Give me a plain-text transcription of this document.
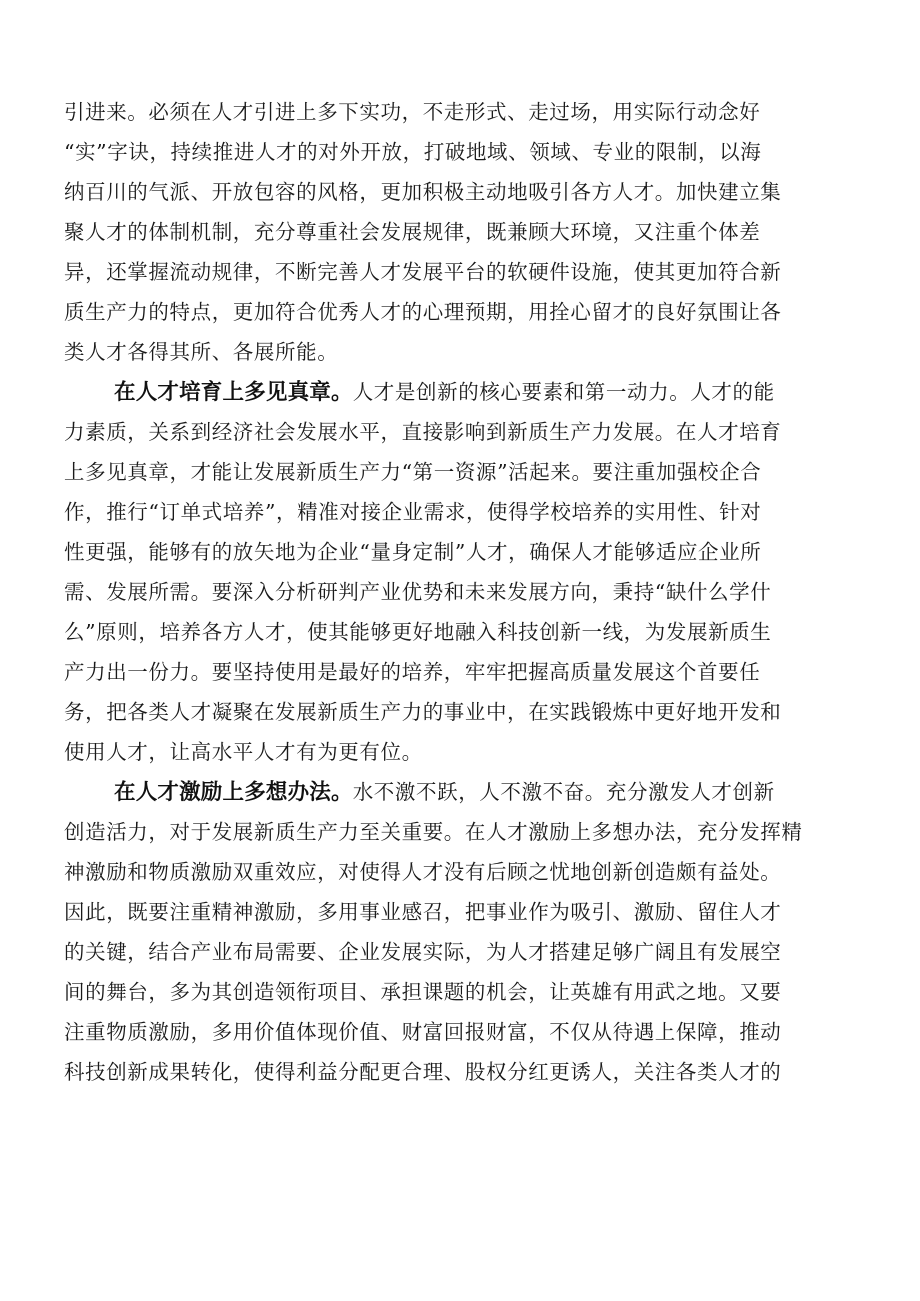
引进来。必须在人才引进上多下实功，不走形式、走过场，用实际行动念好
“实”字诀，持续推进人才的对外开放，打破地域、领域、专业的限制，以海
纳百川的气派、开放包容的风格，更加积极主动地吸引各方人才。加快建立集
聚人才的体制机制，充分尊重社会发展规律，既兼顾大环境，又注重个体差
异，还掌握流动规律，不断完善人才发展平台的软硬件设施，使其更加符合新
质生产力的特点，更加符合优秀人才的心理预期，用拴心留才的良好氛围让各
类人才各得其所、各展所能。
在人才培育上多见真章。人才是创新的核心要素和第一动力。人才的能
力素质，关系到经济社会发展水平，直接影响到新质生产力发展。在人才培育
上多见真章，才能让发展新质生产力“第一资源”活起来。要注重加强校企合
作，推行“订单式培养”，精准对接企业需求，使得学校培养的实用性、针对
性更强，能够有的放矢地为企业“量身定制”人才，确保人才能够适应企业所
需、发展所需。要深入分析研判产业优势和未来发展方向，秉持“缺什么学什
么”原则，培养各方人才，使其能够更好地融入科技创新一线，为发展新质生
产力出一份力。要坚持使用是最好的培养，牢牢把握高质量发展这个首要任
务，把各类人才凝聚在发展新质生产力的事业中，在实践锻炼中更好地开发和
使用人才，让高水平人才有为更有位。
在人才激励上多想办法。水不激不跃，人不激不奋。充分激发人才创新
创造活力，对于发展新质生产力至关重要。在人才激励上多想办法，充分发挥精
神激励和物质激励双重效应，对使得人才没有后顾之忧地创新创造颇有益处。
因此，既要注重精神激励，多用事业感召，把事业作为吸引、激励、留住人才
的关键，结合产业布局需要、企业发展实际，为人才搭建足够广阔且有发展空
间的舞台，多为其创造领衔项目、承担课题的机会，让英雄有用武之地。又要
注重物质激励，多用价值体现价值、财富回报财富，不仅从待遇上保障，推动
科技创新成果转化，使得利益分配更合理、股权分红更诱人，关注各类人才的
